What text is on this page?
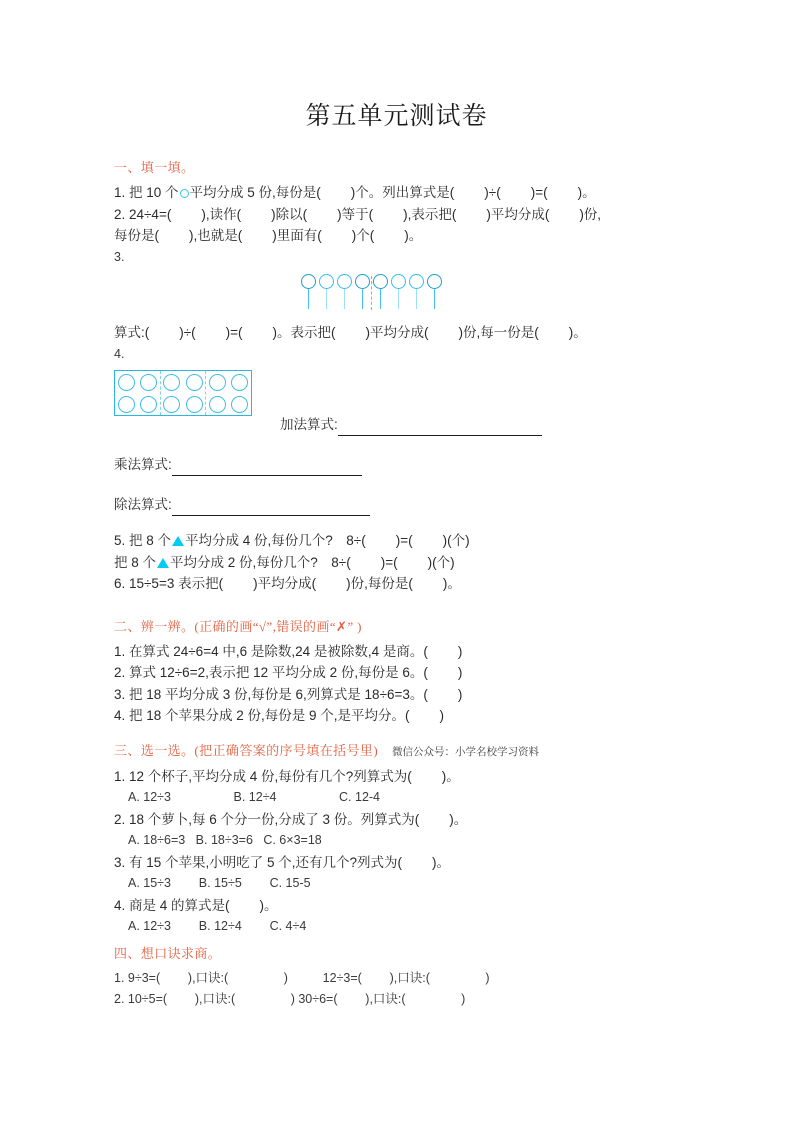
第五单元测试卷
一、填一填。
1. 把 10 个 平均分成 5 份,每份是(        )个。列出算式是(        )÷(        )=(        )。
2. 24÷4=(        ),读作(        )除以(        )等于(        ),表示把(        )平均分成(        )份,
每份是(        ),也就是(        )里面有(        )个(        )。
3.
算式:(        )÷(        )=(        )。表示把(        )平均分成(        )份,每一份是(        )。
4.
加法算式:
乘法算式:
除法算式:
5. 把 8 个 平均分成 4 份,每份几个?　8÷(        )=(        )(个)
把 8 个 平均分成 2 份,每份几个?　8÷(        )=(        )(个)
6. 15÷5=3 表示把(        )平均分成(        )份,每份是(        )。
二、辨一辨。(正确的画“√”,错误的画“✗” )
1. 在算式 24÷6=4 中,6 是除数,24 是被除数,4 是商。(        )
2. 算式 12÷6=2,表示把 12 平均分成 2 份,每份是 6。(        )
3. 把 18 平均分成 3 份,每份是 6,列算式是 18÷6=3。(        )
4. 把 18 个苹果分成 2 份,每份是 9 个,是平均分。(        )
三、选一选。(把正确答案的序号填在括号里) 微信公众号：小学名校学习资料
1. 12 个杯子,平均分成 4 份,每份有几个?列算式为(        )。
A. 12÷3                  B. 12÷4                  C. 12-4
2. 18 个萝卜,每 6 个分一份,分成了 3 份。列算式为(        )。
A. 18÷6=3   B. 18÷3=6   C. 6×3=18
3. 有 15 个苹果,小明吃了 5 个,还有几个?列式为(        )。
A. 15÷3        B. 15÷5        C. 15-5
4. 商是 4 的算式是(        )。
A. 12÷3        B. 12÷4        C. 4÷4
四、想口诀求商。
1. 9÷3=(        ),口诀:(                )          12÷3=(        ),口诀:(                )
2. 10÷5=(        ),口诀:(                ) 30÷6=(        ),口诀:(                )
